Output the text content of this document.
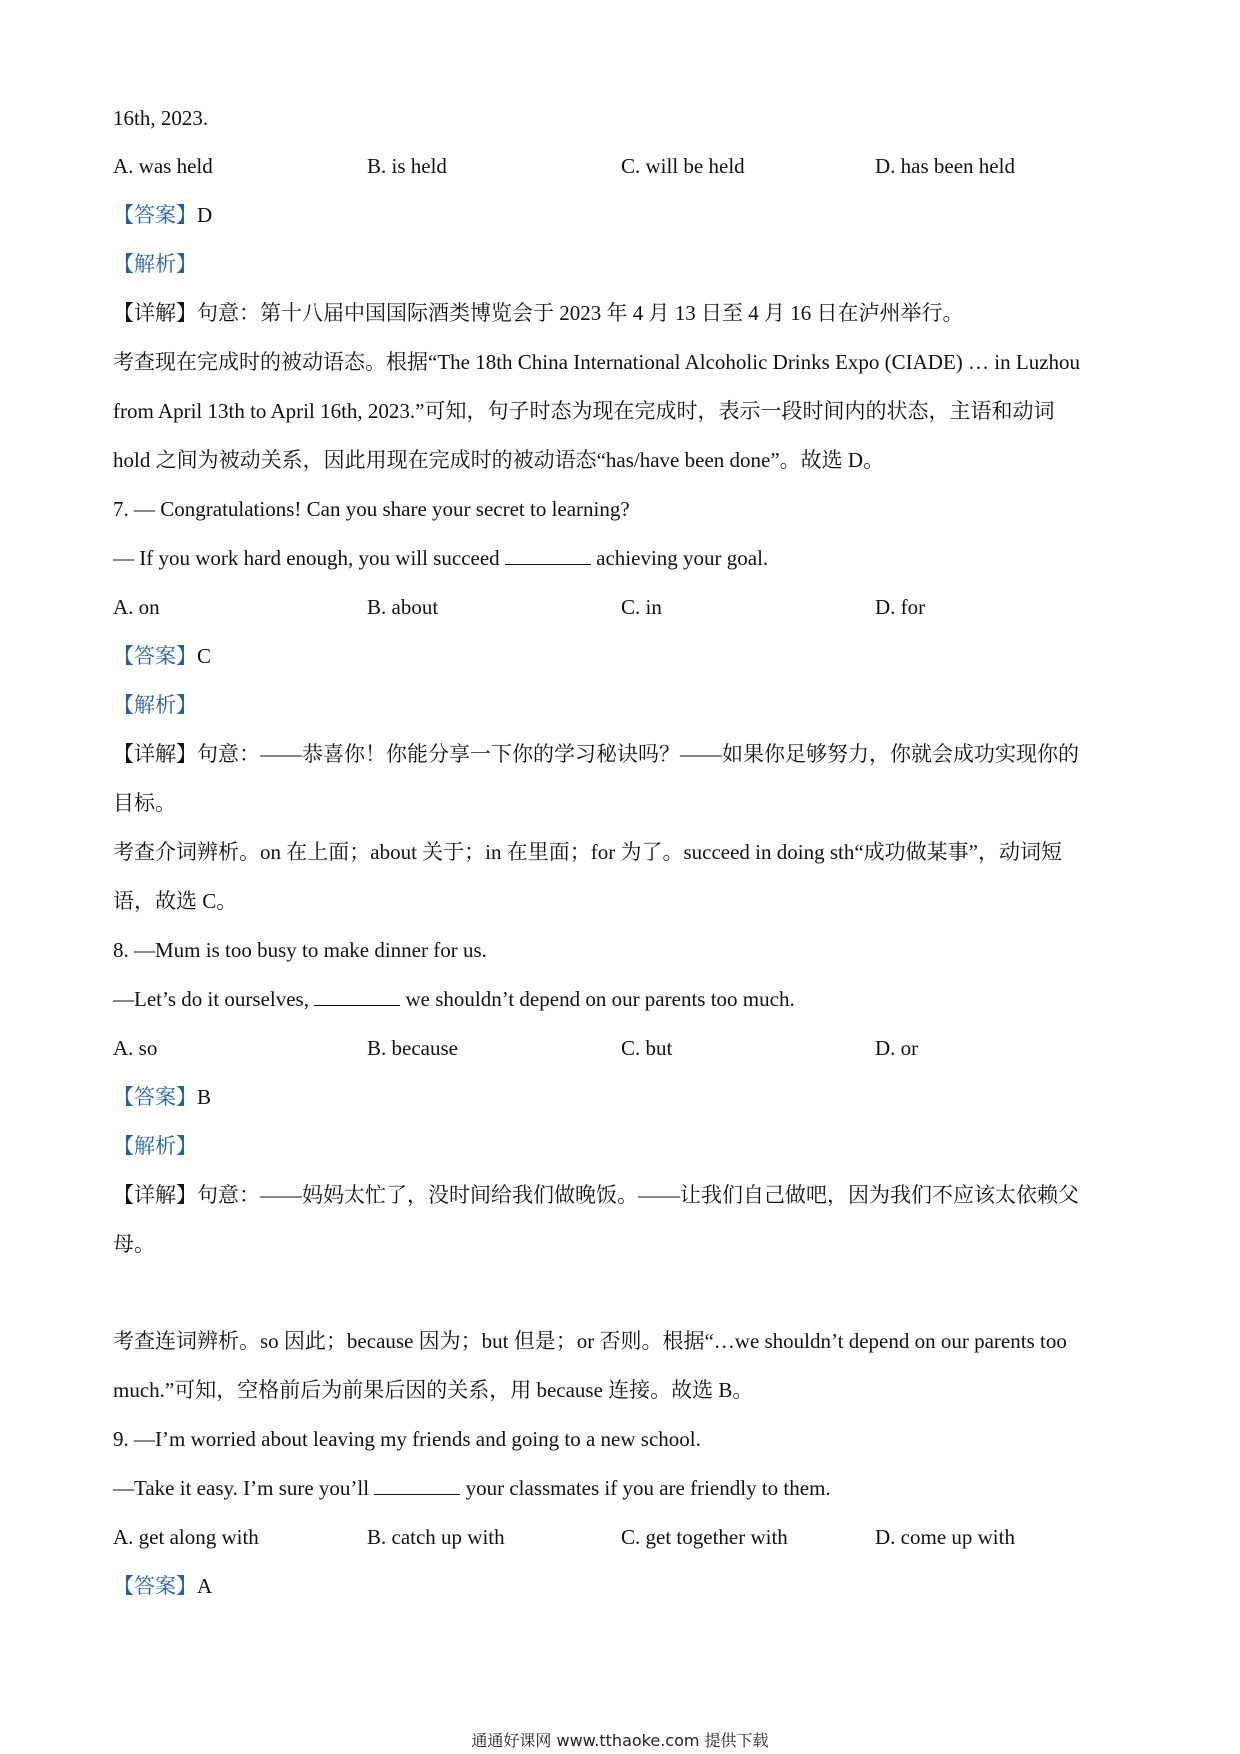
16th, 2023.
A. was held	B. is held	C. will be held	D. has been held
【答案】D
【解析】
【详解】句意：第十八届中国国际酒类博览会于 2023 年 4 月 13 日至 4 月 16 日在泸州举行。
考查现在完成时的被动语态。根据“The 18th China International Alcoholic Drinks Expo (CIADE) … in Luzhou
from April 13th to April 16th, 2023.”可知，句子时态为现在完成时，表示一段时间内的状态，主语和动词
hold 之间为被动关系，因此用现在完成时的被动语态“has/have been done”。故选 D。
7. — Congratulations! Can you share your secret to learning?
— If you work hard enough, you will succeed	achieving your goal.
A. on	B. about	C. in	D. for
【答案】C
【解析】
【详解】句意：——恭喜你！你能分享一下你的学习秘诀吗？——如果你足够努力，你就会成功实现你的
目标。
考查介词辨析。on 在上面；about 关于；in 在里面；for 为了。succeed in doing sth“成功做某事”，动词短
语，故选 C。
8. —Mum is too busy to make dinner for us.
—Let’s do it ourselves,	we shouldn’t depend on our parents too much.
A. so	B. because	C. but	D. or
【答案】B
【解析】
【详解】句意：——妈妈太忙了，没时间给我们做晚饭。——让我们自己做吧，因为我们不应该太依赖父
母。
考查连词辨析。so 因此；because 因为；but 但是；or 否则。根据“…we shouldn’t depend on our parents too
much.”可知，空格前后为前果后因的关系，用 because 连接。故选 B。
9. —I’m worried about leaving my friends and going to a new school.
—Take it easy. I’m sure you’ll	your classmates if you are friendly to them.
A. get along with	B. catch up with	C. get together with	D. come up with
【答案】A
通通好课网 www.tthaoke.com 提供下载
